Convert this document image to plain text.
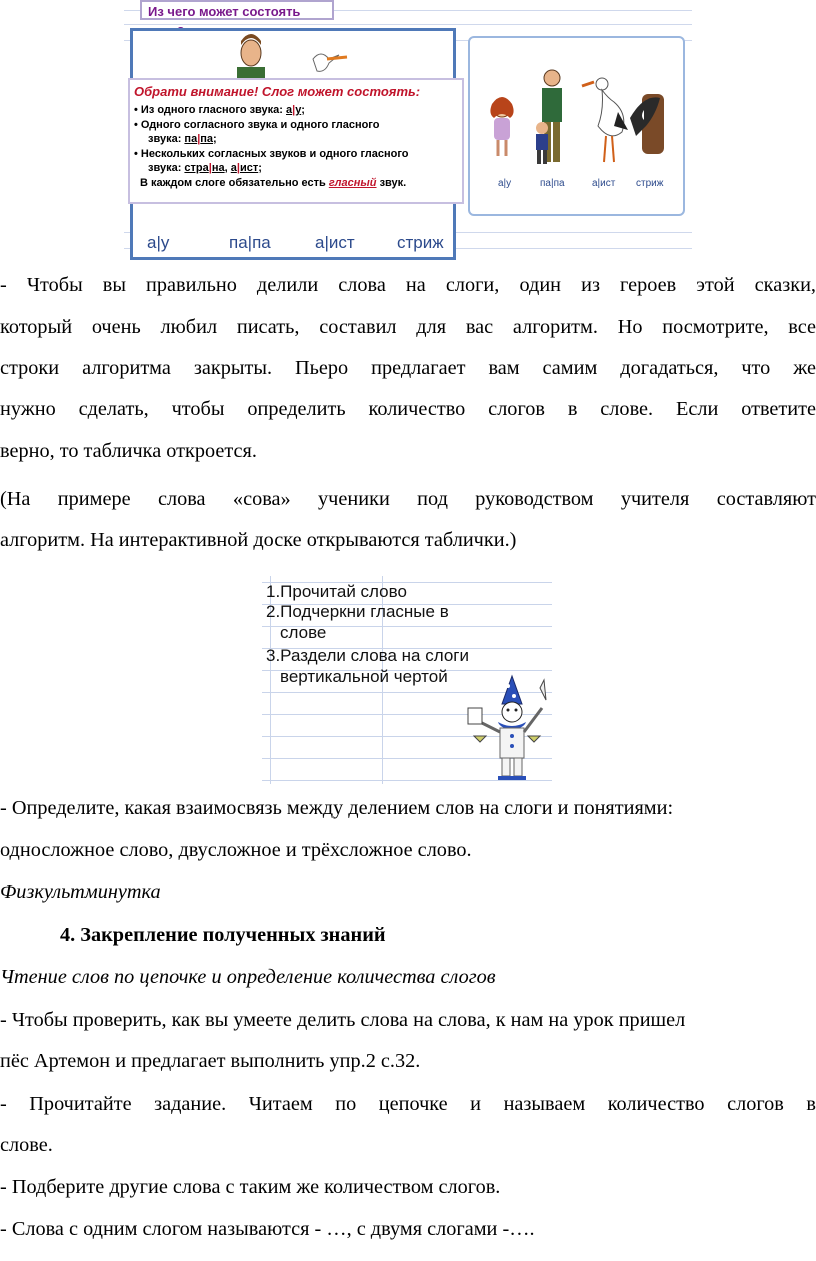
Из чего может состоять
а|у	па|па	а|ист стриж
а|у	па|па	а|ист стриж
Обрати внимание! Слог может состоять:
• Из одного гласного звука: а|у;
• Одного согласного звука и одного гласного
звука: па|па;
• Нескольких согласных звуков и одного гласного
звука: стра|на, а|ист;
В каждом слоге обязательно есть гласный звук.
- Чтобы вы правильно делили слова на слоги, один из героев этой сказки,
который очень любил писать, составил для вас алгоритм. Но посмотрите, все
строки алгоритма закрыты. Пьеро предлагает вам самим догадаться, что же
нужно сделать, чтобы определить количество слогов в слове. Если ответите
верно, то табличка откроется.
(На примере слова «сова» ученики под руководством учителя составляют
алгоритм. На интерактивной доске открываются таблички.)
1.Прочитай слово
2.Подчеркни гласные в
слове
3.Раздели слова на слоги
вертикальной чертой
- Определите, какая взаимосвязь между делением слов на слоги и понятиями:
односложное слово, двусложное и трёхсложное слово.
Физкультминутка
4. Закрепление полученных знаний
Чтение слов по цепочке и определение количества слогов
- Чтобы проверить, как вы умеете делить слова на слова, к нам на урок пришел
пёс Артемон и предлагает выполнить упр.2 с.32.
- Прочитайте задание. Читаем по цепочке и называем количество слогов в
слове.
- Подберите другие слова с таким же количеством слогов.
- Слова с одним слогом называются - …, с двумя слогами -….
